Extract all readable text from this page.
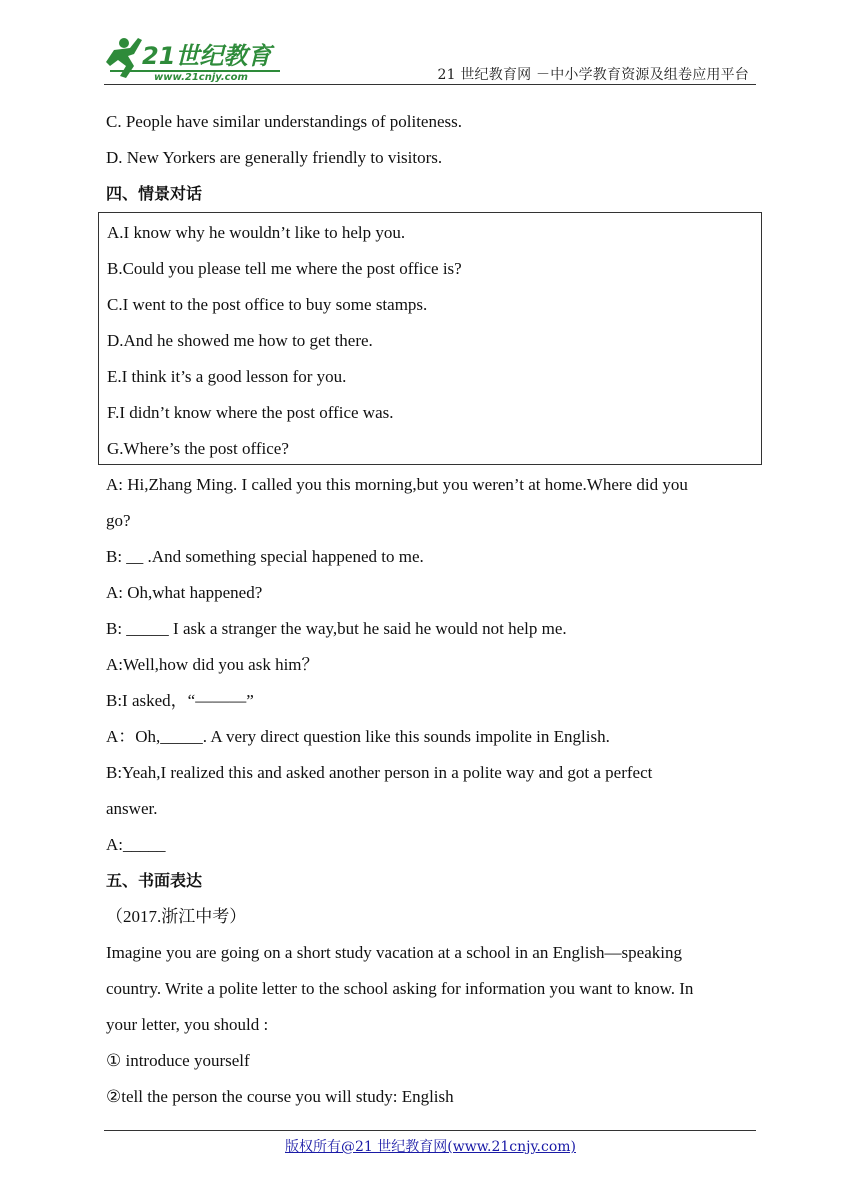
21世纪教育
www.21cnjy.com	21 世纪教育网 －中小学教育资源及组卷应用平台
C. People have similar understandings of politeness.
D. New Yorkers are generally friendly to visitors.
四、情景对话
A.I know why he wouldn’t like to help you.
B.Could you please tell me where the post office is?
C.I went to the post office to buy some stamps.
D.And he showed me how to get there.
E.I think it’s a good lesson for you.
F.I didn’t know where the post office was.
G.Where’s the post office?
A: Hi,Zhang Ming. I called you this morning,but you weren’t at home.Where did you
go?
B: __ .And something special happened to me.
A: Oh,what happened?
B: _____ I ask a stranger the way,but he said he would not help me.
A:Well,how did you ask him？
B:I asked，“———”
A：Oh,_____. A very direct question like this sounds impolite in English.
B:Yeah,I realized this and asked another person in a polite way and got a perfect
answer.
A:_____
五、书面表达
（2017.浙江中考）
Imagine you are going on a short study vacation at a school in an English—speaking
country. Write a polite letter to the school asking for information you want to know. In
your letter, you should :
① introduce yourself
②tell the person the course you will study: English
版权所有@21 世纪教育网(www.21cnjy.com)
